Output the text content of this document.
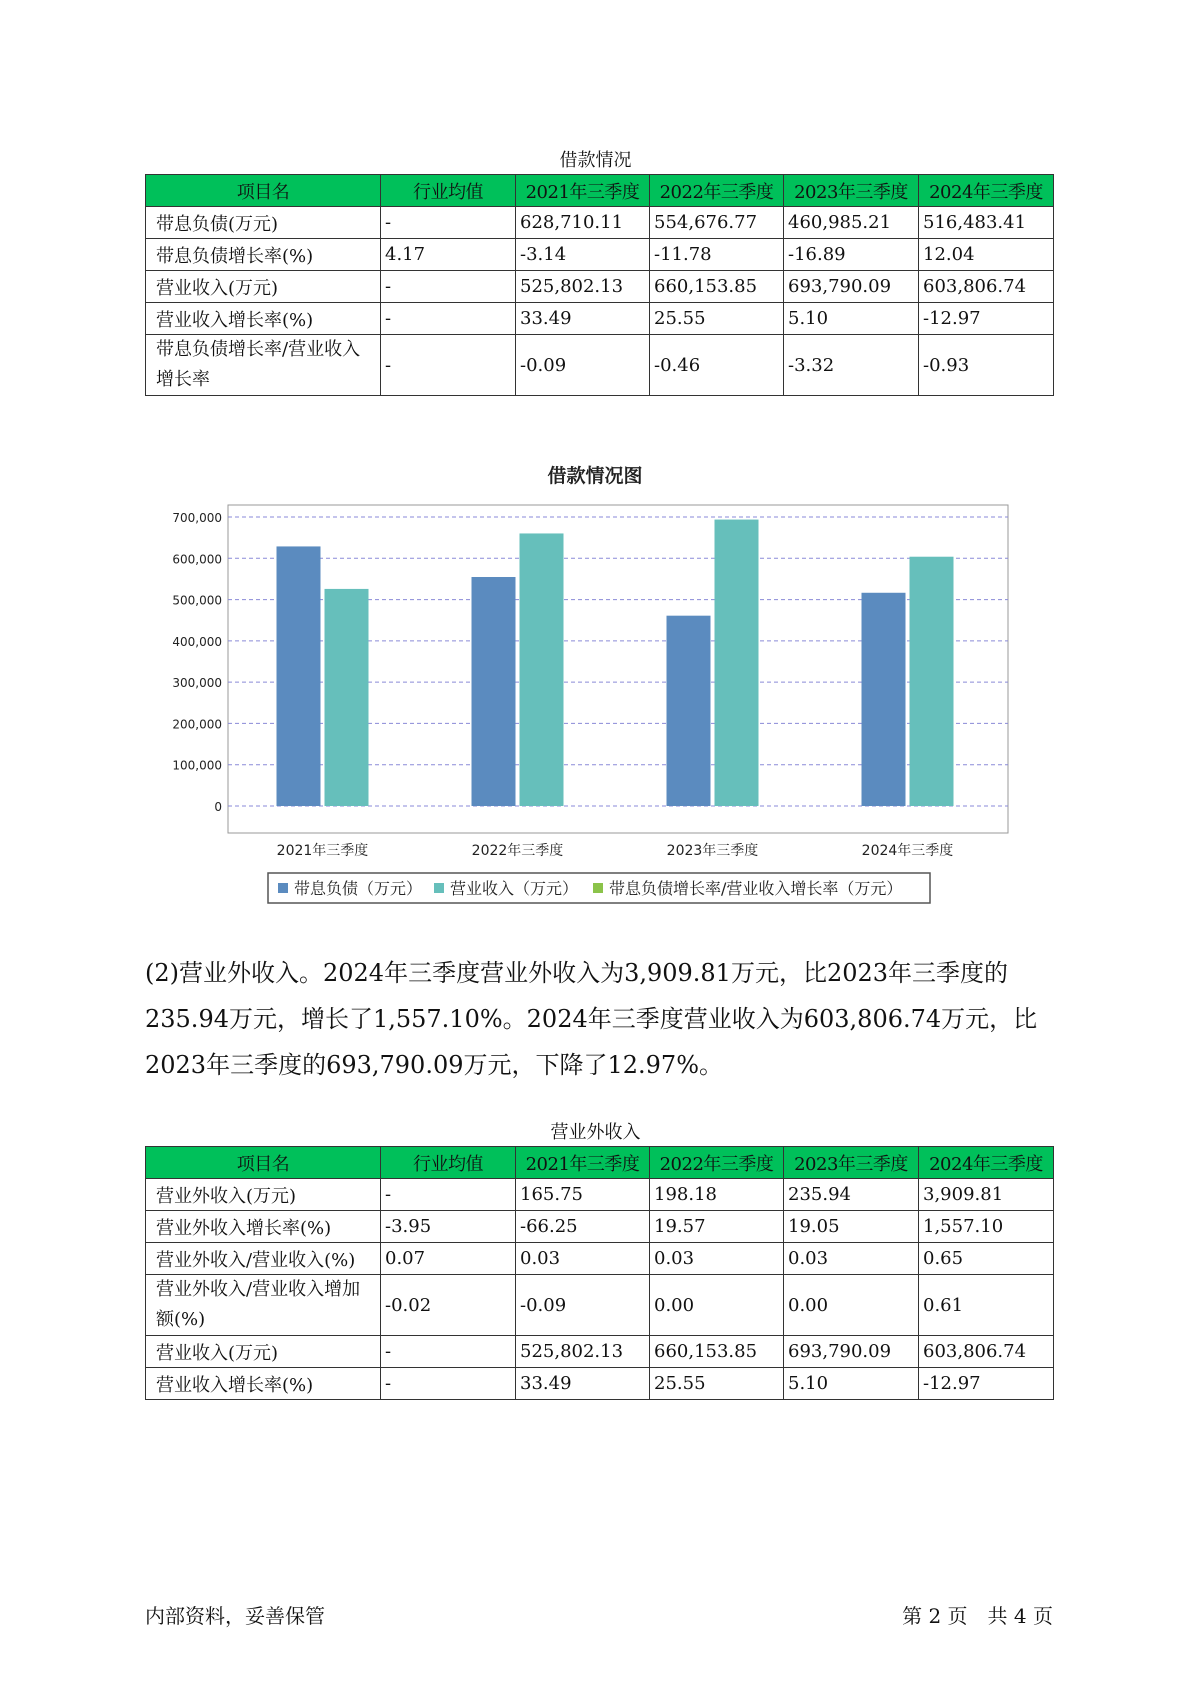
借款情况
项目名	行业均值	2021年三季度	2022年三季度	2023年三季度	2024年三季度
带息负债(万元)	-	628,710.11	554,676.77	460,985.21	516,483.41
带息负债增长率(%)	4.17	-3.14	-11.78	-16.89	12.04
营业收入(万元)	-	525,802.13	660,153.85	693,790.09	603,806.74
营业收入增长率(%)	-	33.49	25.55	5.10	-12.97
带息负债增长率/营业收入增长率	-	-0.09	-0.46	-3.32	-0.93
借款情况图
0
100,000
200,000
300,000
400,000
500,000
600,000
700,000
2021年三季度	2022年三季度	2023年三季度	2024年三季度
带息负债（万元） 营业收入（万元） 带息负债增长率/营业收入增长率（万元）

(2)营业外收入。2024年三季度营业外收入为3,909.81万元，比2023年三季度的235.94万元，增长了1,557.10%。2024年三季度营业收入为603,806.74万元，比2023年三季度的693,790.09万元，下降了12.97%。

营业外收入
项目名	行业均值	2021年三季度	2022年三季度	2023年三季度	2024年三季度
营业外收入(万元)	-	165.75	198.18	235.94	3,909.81
营业外收入增长率(%)	-3.95	-66.25	19.57	19.05	1,557.10
营业外收入/营业收入(%)	0.07	0.03	0.03	0.03	0.65
营业外收入/营业收入增加额(%)	-0.02	-0.09	0.00	0.00	0.61
营业收入(万元)	-	525,802.13	660,153.85	693,790.09	603,806.74
营业收入增长率(%)	-	33.49	25.55	5.10	-12.97
内部资料，妥善保管	第 2 页　共 4 页
